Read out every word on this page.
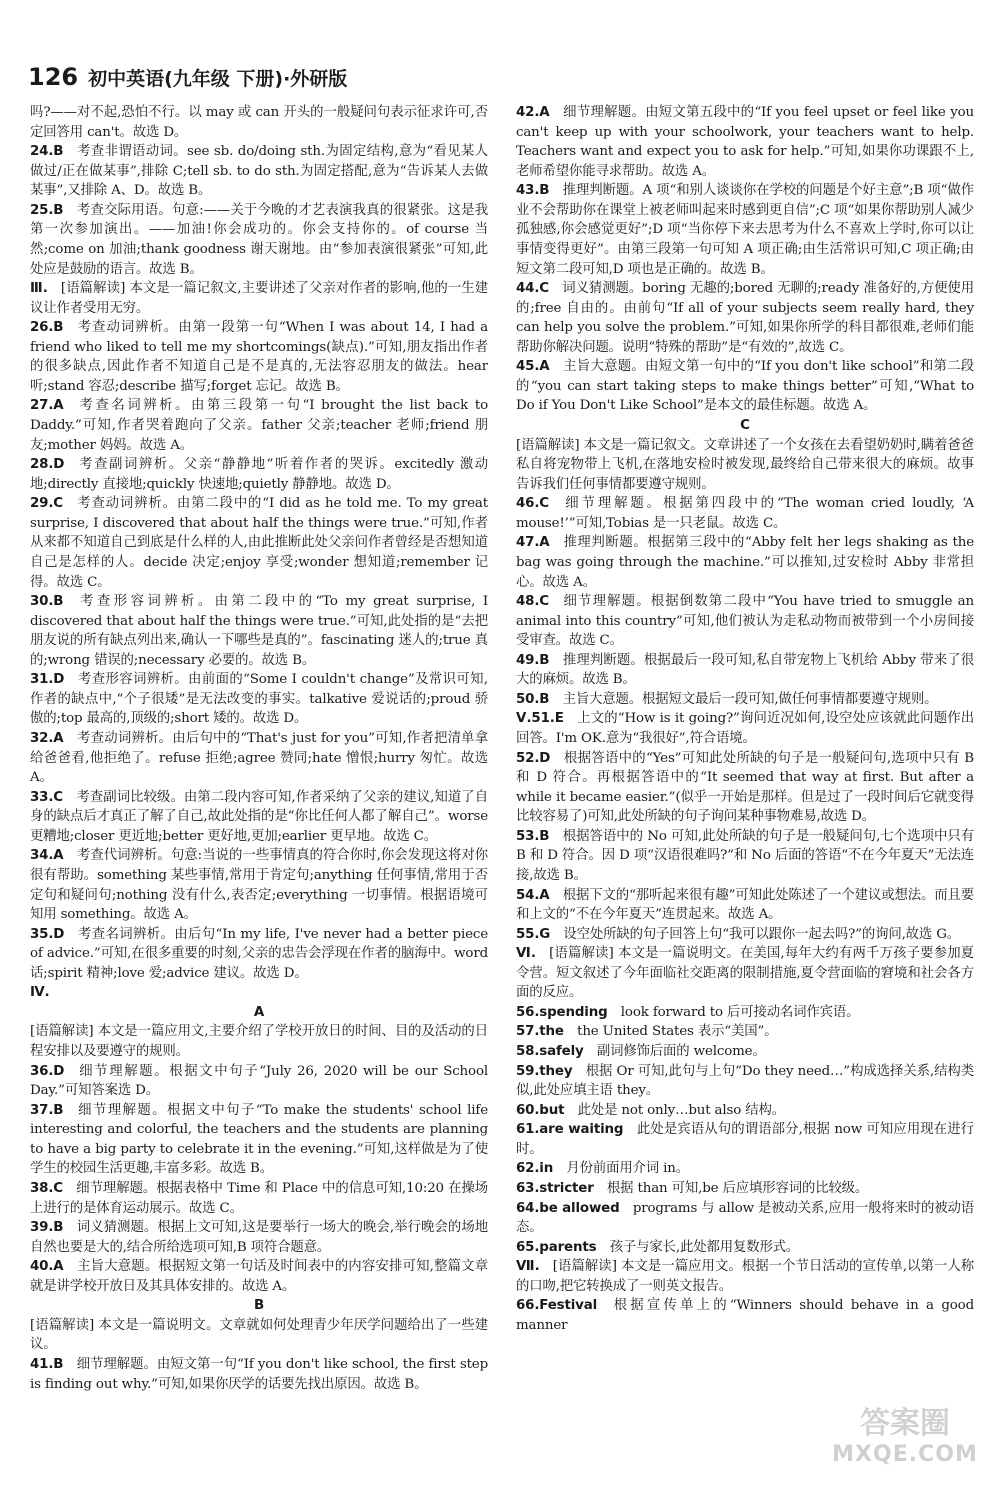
126 初中英语(九年级 下册)·外研版

吗?——对不起,恐怕不行。以 may 或 can 开头的一般疑问句表示征求许可,否定回答用 can't。故选 D。

24.B  考查非谓语动词。see sb. do/doing sth.为固定结构,意为“看见某人做过/正在做某事”,排除 C;tell sb. to do sth.为固定搭配,意为“告诉某人去做某事”,又排除 A、D。故选 B。

25.B  考查交际用语。句意:——关于今晚的才艺表演我真的很紧张。这是我第一次参加演出。——加油!你会成功的。你会支持你的。of course 当然;come on 加油;thank goodness 谢天谢地。由“参加表演很紧张”可知,此处应是鼓励的语言。故选 B。

Ⅲ.  [语篇解读] 本文是一篇记叙文,主要讲述了父亲对作者的影响,他的一生建议让作者受用无穷。

26.B  考查动词辨析。由第一段第一句“When I was about 14, I had a friend who liked to tell me my shortcomings(缺点).”可知,朋友指出作者的很多缺点,因此作者不知道自己是不是真的,无法容忍朋友的做法。hear 听;stand 容忍;describe 描写;forget 忘记。故选 B。

27.A  考查名词辨析。由第三段第一句“I brought the list back to Daddy.”可知,作者哭着跑向了父亲。father 父亲;teacher 老师;friend 朋友;mother 妈妈。故选 A。

28.D  考查副词辨析。父亲“静静地”听着作者的哭诉。excitedly 激动地;directly 直接地;quickly 快速地;quietly 静静地。故选 D。

29.C  考查动词辨析。由第二段中的“I did as he told me. To my great surprise, I discovered that about half the things were true.”可知,作者从来都不知道自己到底是什么样的人,由此推断此处父亲问作者曾经是否想知道自己是怎样的人。decide 决定;enjoy 享受;wonder 想知道;remember 记得。故选 C。

30.B  考查形容词辨析。由第二段中的“To my great surprise, I discovered that about half the things were true.”可知,此处指的是“去把朋友说的所有缺点列出来,确认一下哪些是真的”。fascinating 迷人的;true 真的;wrong 错误的;necessary 必要的。故选 B。

31.D  考查形容词辨析。由前面的“Some I couldn't change”及常识可知,作者的缺点中,“个子很矮”是无法改变的事实。talkative 爱说话的;proud 骄傲的;top 最高的,顶级的;short 矮的。故选 D。

32.A  考查动词辨析。由后句中的“That's just for you”可知,作者把清单拿给爸爸看,他拒绝了。refuse 拒绝;agree 赞同;hate 憎恨;hurry 匆忙。故选 A。

33.C  考查副词比较级。由第二段内容可知,作者采纳了父亲的建议,知道了自身的缺点后才真正了解了自己,故此处指的是“你比任何人都了解自己”。worse 更糟地;closer 更近地;better 更好地,更加;earlier 更早地。故选 C。

34.A  考查代词辨析。句意:当说的一些事情真的符合你时,你会发现这将对你很有帮助。something 某些事情,常用于肯定句;anything 任何事情,常用于否定句和疑问句;nothing 没有什么,表否定;everything 一切事情。根据语境可知用 something。故选 A。

35.D  考查名词辨析。由后句“In my life, I've never had a better piece of advice.”可知,在很多重要的时刻,父亲的忠告会浮现在作者的脑海中。word 话;spirit 精神;love 爱;advice 建议。故选 D。

Ⅳ.

A

[语篇解读] 本文是一篇应用文,主要介绍了学校开放日的时间、目的及活动的日程安排以及要遵守的规则。

36.D  细节理解题。根据文中句子“July 26, 2020 will be our School Day.”可知答案选 D。

37.B  细节理解题。根据文中句子“To make the students' school life interesting and colorful, the teachers and the students are planning to have a big party to celebrate it in the evening.”可知,这样做是为了使学生的校园生活更趣,丰富多彩。故选 B。

38.C  细节理解题。根据表格中 Time 和 Place 中的信息可知,10:20 在操场上进行的是体育运动展示。故选 C。

39.B  词义猜测题。根据上文可知,这是要举行一场大的晚会,举行晚会的场地自然也要是大的,结合所给选项可知,B 项符合题意。

40.A  主旨大意题。根据短文第一句话及时间表中的内容安排可知,整篇文章就是讲学校开放日及其具体安排的。故选 A。

B

[语篇解读] 本文是一篇说明文。文章就如何处理青少年厌学问题给出了一些建议。

41.B  细节理解题。由短文第一句“If you don't like school, the first step is finding out why.”可知,如果你厌学的话要先找出原因。故选 B。

42.A  细节理解题。由短文第五段中的“If you feel upset or feel like you can't keep up with your schoolwork, your teachers want to help. Teachers want and expect you to ask for help.”可知,如果你功课跟不上,老师希望你能寻求帮助。故选 A。

43.B  推理判断题。A 项“和别人谈谈你在学校的问题是个好主意”;B 项“做作业不会帮助你在课堂上被老师叫起来时感到更自信”;C 项“如果你帮助别人减少孤独感,你会感觉更好”;D 项“当你停下来去思考为什么不喜欢上学时,你可以让事情变得更好”。由第三段第一句可知 A 项正确;由生活常识可知,C 项正确;由短文第二段可知,D 项也是正确的。故选 B。

44.C  词义猜测题。boring 无趣的;bored 无聊的;ready 准备好的,方便使用的;free 自由的。由前句“If all of your subjects seem really hard, they can help you solve the problem.”可知,如果你所学的科目都很难,老师们能帮助你解决问题。说明“特殊的帮助”是“有效的”,故选 C。

45.A  主旨大意题。由短文第一句中的“If you don't like school”和第二段的“you can start taking steps to make things better”可知,“What to Do if You Don't Like School”是本文的最佳标题。故选 A。

C

[语篇解读] 本文是一篇记叙文。文章讲述了一个女孩在去看望奶奶时,瞒着爸爸私自将宠物带上飞机,在落地安检时被发现,最终给自己带来很大的麻烦。故事告诉我们任何事情都要遵守规则。

46.C  细节理解题。根据第四段中的“The woman cried loudly, ‘A mouse!’”可知,Tobias 是一只老鼠。故选 C。

47.A  推理判断题。根据第三段中的“Abby felt her legs shaking as the bag was going through the machine.”可以推知,过安检时 Abby 非常担心。故选 A。

48.C  细节理解题。根据倒数第二段中“You have tried to smuggle an animal into this country”可知,他们被认为走私动物而被带到一个小房间接受审查。故选 C。

49.B  推理判断题。根据最后一段可知,私自带宠物上飞机给 Abby 带来了很大的麻烦。故选 B。

50.B  主旨大意题。根据短文最后一段可知,做任何事情都要遵守规则。

Ⅴ.51.E  上文的“How is it going?”询问近况如何,设空处应该就此问题作出回答。I'm OK.意为“我很好”,符合语境。

52.D  根据答语中的“Yes”可知此处所缺的句子是一般疑问句,选项中只有 B 和 D 符合。再根据答语中的“It seemed that way at first. But after a while it became easier.”(似乎一开始是那样。但是过了一段时间后它就变得比较容易了)可知,此处所缺的句子询问某种事物难易,故选 D。

53.B  根据答语中的 No 可知,此处所缺的句子是一般疑问句,七个选项中只有 B 和 D 符合。因 D 项“汉语很难吗?”和 No 后面的答语“不在今年夏天”无法连接,故选 B。

54.A  根据下文的“那听起来很有趣”可知此处陈述了一个建议或想法。而且要和上文的“不在今年夏天”连贯起来。故选 A。

55.G  设空处所缺的句子回答上句“我可以跟你一起去吗?”的询问,故选 G。

Ⅵ.  [语篇解读] 本文是一篇说明文。在美国,每年大约有两千万孩子要参加夏令营。短文叙述了今年面临社交距离的限制措施,夏令营面临的窘境和社会各方面的反应。

56.spending  look forward to 后可接动名词作宾语。

57.the  the United States 表示“美国”。

58.safely  副词修饰后面的 welcome。

59.they  根据 Or 可知,此句与上句“Do they need…”构成选择关系,结构类似,此处应填主语 they。

60.but  此处是 not only…but also 结构。

61.are waiting  此处是宾语从句的谓语部分,根据 now 可知应用现在进行时。

62.in  月份前面用介词 in。

63.stricter  根据 than 可知,be 后应填形容词的比较级。

64.be allowed  programs 与 allow 是被动关系,应用一般将来时的被动语态。

65.parents  孩子与家长,此处都用复数形式。

Ⅶ.  [语篇解读] 本文是一篇应用文。根据一个节日活动的宣传单,以第一人称的口吻,把它转换成了一则英文报告。

66.Festival  根据宣传单上的“Winners should behave in a good manner

答案圈
MXQE.COM
